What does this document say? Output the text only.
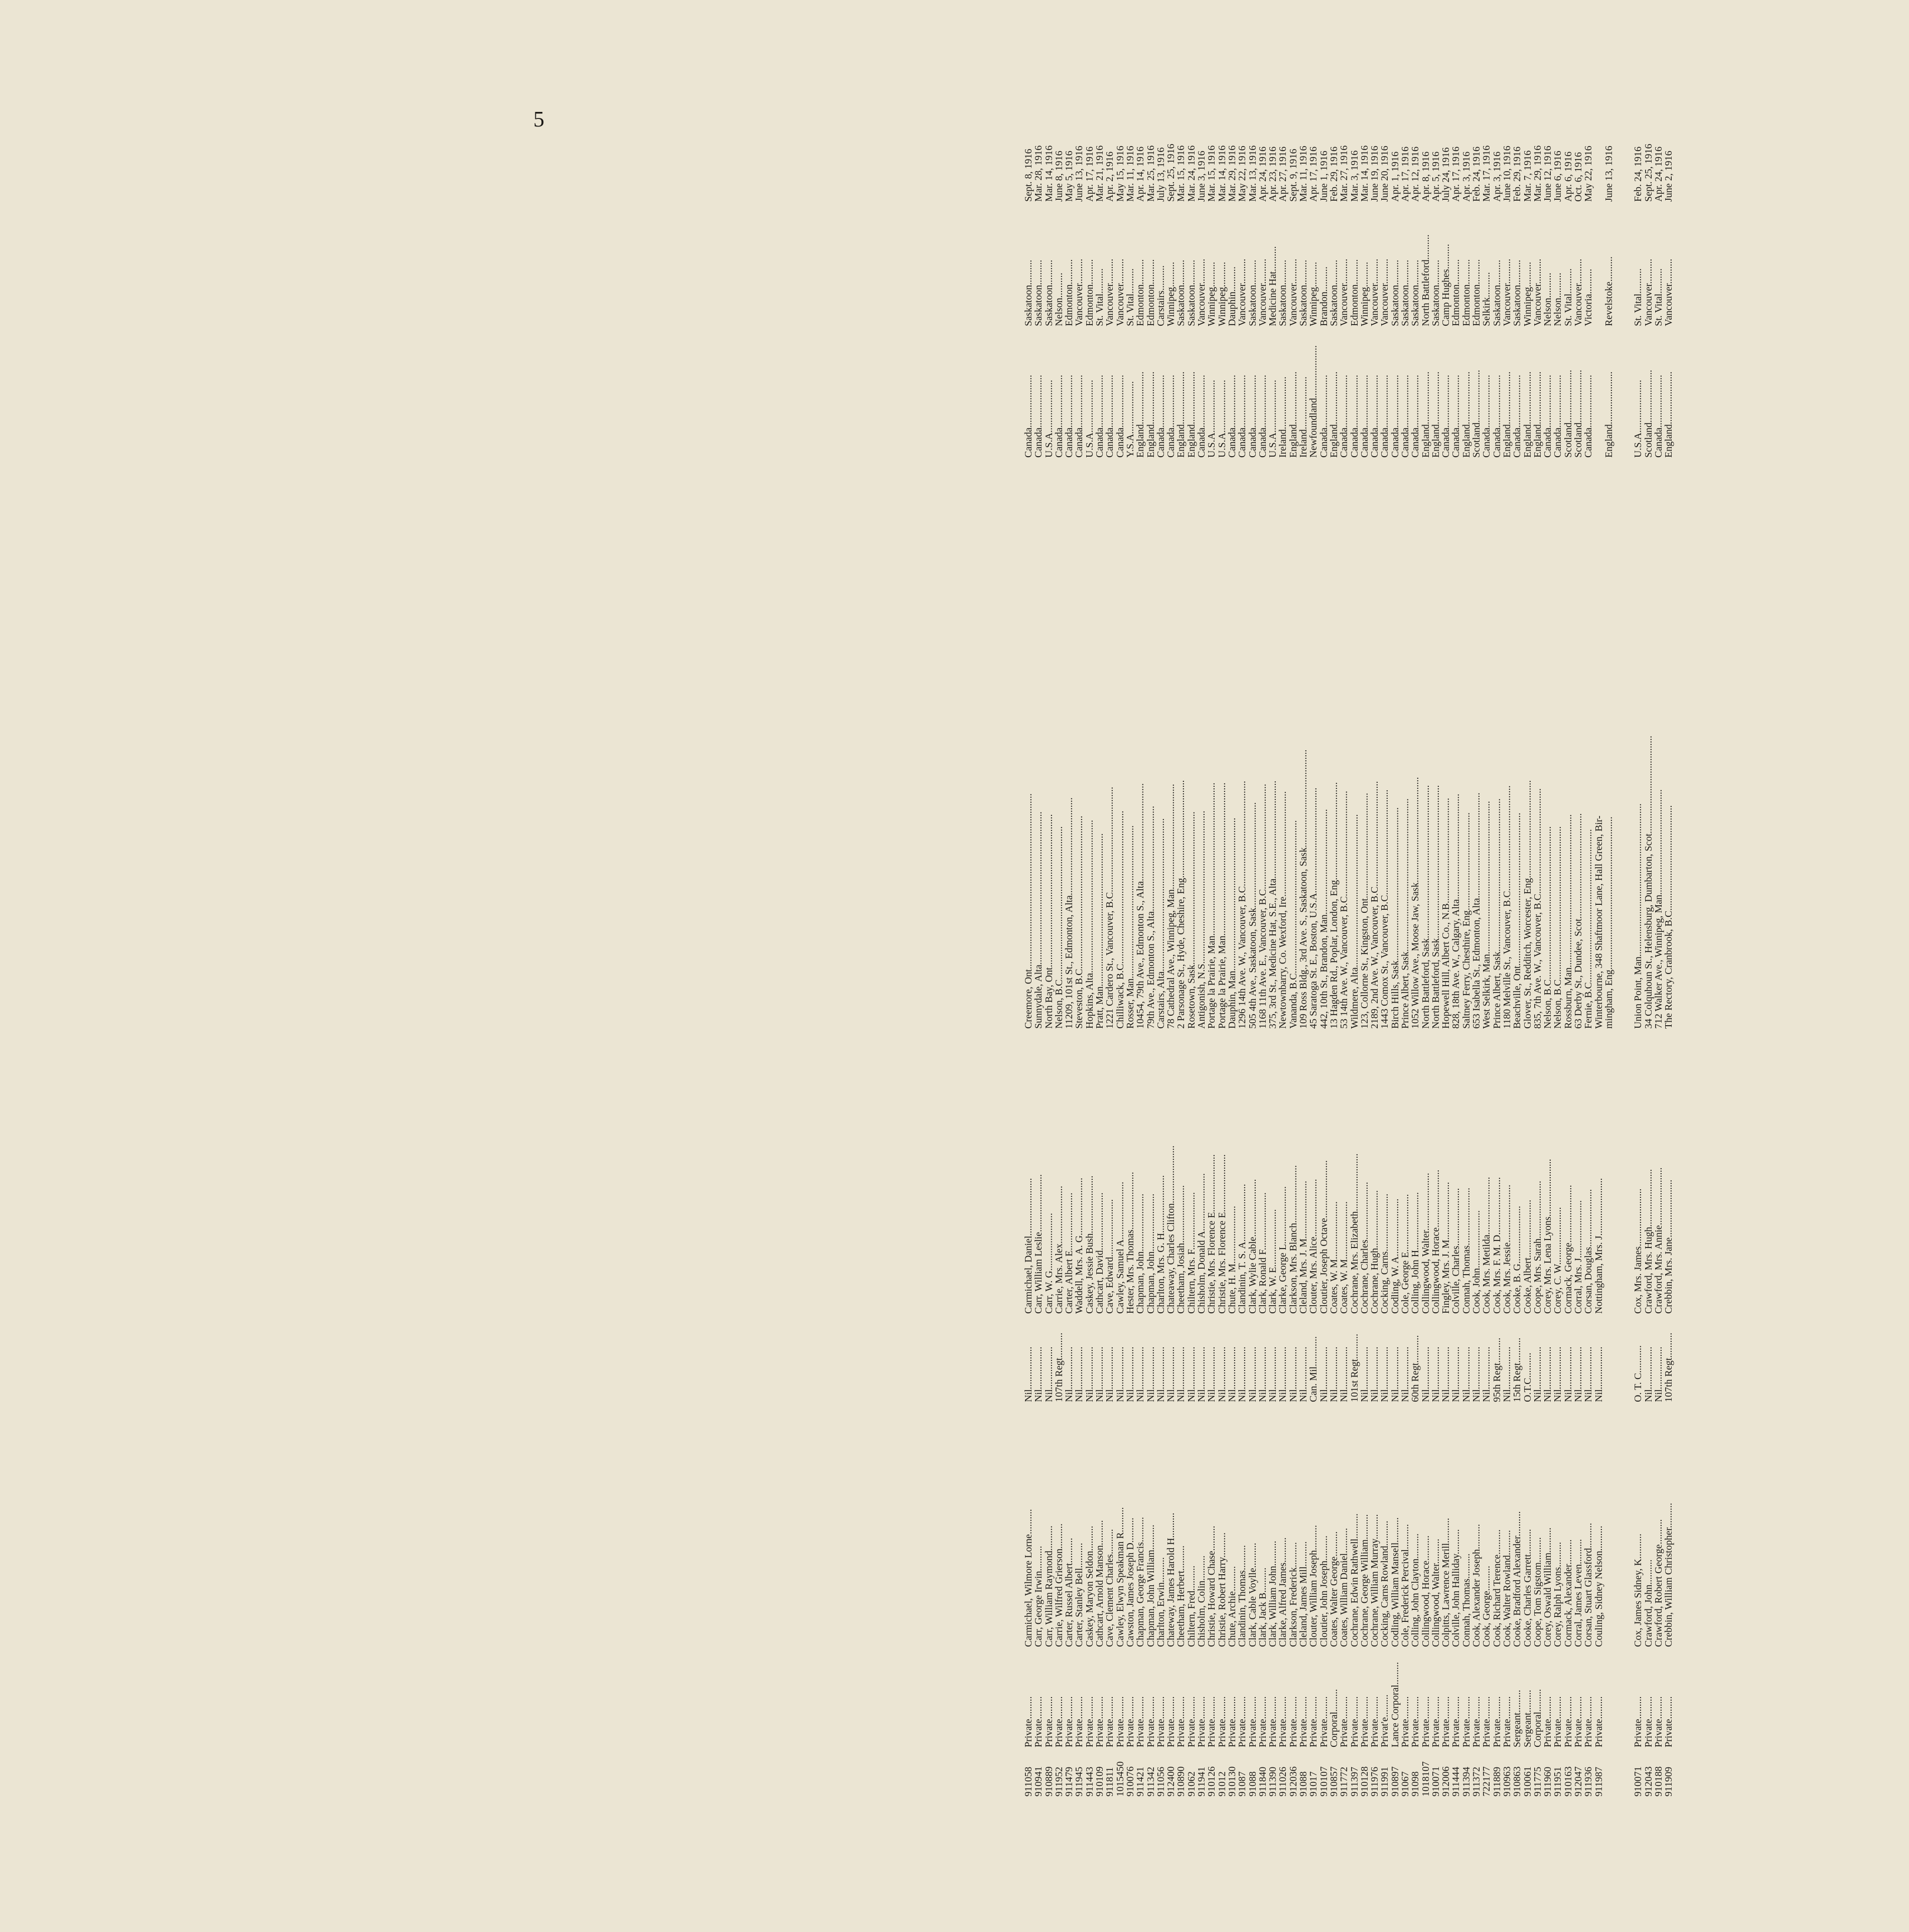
5
911058
Private.........
Carmichael, Wilmore Lorne..........
Nil.................
Carmichael, Daniel.......................
Creemore, Ont......................................................................
Canada.....................
Saskatoon..........
Sept. 8, 1916
910941
Private.........
Carr, George Irwin..........
Nil.................
Carr, William Leslie.......................
Sunnydale, Alta.............................................................
Canada.....................
Saskatoon..........
Mar. 28, 1916
910889
Private.........
Carr, William Raymond..........
Nil.................
Carr, W. G.......................
North Bay, Ont.............................................................
U.S.A.....................
Saskatoon..........
Mar. 14, 1916
911952
Private.........
Carrie, Wilfred Grierson..........
107th Regt..........
Carrie, Mrs. Alex.......................
Nelson, B.C.............................................................
Canada.....................
Nelson..........
June 8, 1916
911479
Private.........
Carter, Russel Albert..........
Nil.................
Carter, Albert E.......................
11209, 101st St., Edmonton, Alta.......................................
Canada.....................
Edmonton..........
May 5, 1916
911945
Private.........
Carter, Stanley Bell..........
Nil.................
Waddell, Mrs. A. G.......................
Steveston, B.C.............................................................
Canada.....................
Vancouver..........
June 13, 1916
911443
Private.........
Caskey, Maryon Seldon..........
Nil.................
Caskey, Jessie Bush.......................
Hopkins, Alta.............................................................
U.S.A.....................
Edmonton..........
Apr. 17, 1916
910109
Private.........
Cathcart, Arnold Manson..........
Nil.................
Cathcart, David.......................
Pratt, Man.............................................................
Canada.....................
St. Vital..........
Mar. 21, 1916
911811
Private.........
Cave, Clement Charles..........
Nil.................
Cave, Edward.......................
1221 Cardero St., Vancouver, B.C..........................................
Canada.....................
Vancouver..........
Apr. 2, 1916
1015450
Private.........
Cawley, Elwyn Speakman R..........
Nil.................
Cawley, Samuel A.......................
Chilliwack, B.C.............................................................
Canada.....................
Vancouver..........
May 15, 1916
910076
Private.........
Cawston, James Joseph D..........
Nil.................
Hester, Mrs. Thomas.......................
Rosser, Man.............................................................
Y.S.A.....................
St. Vital..........
Mar. 11, 1916
911421
Private.........
Chapman, George Francis..........
Nil.................
Chapman, John.......................
10454, 79th Ave., Edmonton S., Alta.......................................
England.....................
Edmonton..........
Apr. 14, 1916
911342
Private.........
Chapman, John William..........
Nil.................
Chapman, John.......................
79th Ave., Edmonton S., Alta..........................................
England.....................
Edmonton..........
Mar. 25, 1916
911056
Private.........
Charlton, Erwin..........
Nil.................
Charlton, Mrs. G. H.......................
Carstairs, Alta.............................................................
Canada.....................
Carstairs..........
July 13, 1916
912400
Private.........
Chateway, James Harold H..........
Nil.................
Chateaway, Charles Clifton.......................
78 Cathedral Ave., Winnipeg, Man..........................................
Canada.....................
Winnipeg..........
Sept. 25, 1916
910890
Private.........
Cheetham, Herbert..........
Nil.................
Cheetham, Josiah.......................
2 Parsonage St., Hyde, Cheshire, Eng.......................................
England.....................
Saskatoon..........
Mar. 15, 1916
91062
Private.........
Chiltern, Fred..........
Nil.................
Chiltern, Mrs. F.......................
Rosetown, Sask.............................................................
England.....................
Saskatoon..........
Mar. 24, 1916
911941
Private.........
Chisholm, Colin..........
Nil.................
Chisholm, Donald A.......................
Antigonish, N.S.............................................................
Canada.....................
Vancouver..........
June 3, 1916
910126
Private.........
Christie, Howard Chase..........
Nil.................
Christie, Mrs. Florence E.......................
Portage la Prairie, Man.............................................................
U.S.A.....................
Winnipeg..........
Mar. 15, 1916
91012
Private.........
Christie, Robert Harry..........
Nil.................
Christie, Mrs. Florence E.......................
Portage la Prairie, Man.............................................................
U.S.A.....................
Winnipeg..........
Mar. 14, 1916
910130
Private.........
Chute, Archie..........
Nil.................
Chute, H. M.......................
Dauphin, Man.............................................................
Canada.....................
Dauphin..........
Mar. 29, 1916
91087
Private.........
Clandinin, Thomas..........
Nil.................
Clandinin, T. S. A.......................
1296 14th Ave. W., Vancouver, B.C..........................................
Canada.....................
Vancouver..........
May 22, 1916
91088
Private.........
Clark, Cable Voylle..........
Nil.................
Clark, Wylie Cable.......................
505 4th Ave., Saskatoon, Sask..........................................
Canada.....................
Saskatoon..........
Mar. 13, 1916
911840
Private.........
Clark, Jack B..........
Nil.................
Clark, Ronald F.......................
1168 11th Ave. E., Vancouver, B.C..........................................
Canada.....................
Vancouver..........
Apr. 24, 1916
911390
Private.........
Clark, William John..........
Nil.................
Clark, W. E.......................
375, 3rd St., Medicine Hat, S.E., Alta.......................................
U.S.A.....................
Medicine Hat..........
Apr. 23, 1916
911026
Private.........
Clarke, Alfred James..........
Nil.................
Clarke, George L.......................
Newtownbarry, Co. Wexford, Ire..........................................
Ireland.....................
Saskatoon..........
Apr. 27, 1916
912036
Private.........
Clarkson, Frederick..........
Nil.................
Clarkson, Mrs. Blanch.......................
Vananda, B.C.............................................................
England.....................
Vancouver..........
Sept. 9, 1916
91088
Private.........
Cleland, James Mill..........
Nil.................
Cleland, Mrs. J. M.......................
109 Ross Bldg., 3rd Ave. S., Saskatoon, Sask.......................................
Ireland.....................
Saskatoon..........
Mar. 11, 1916
91017
Private.........
Clouter, William Joseph..........
Can. Mil............
Clouter, Mrs. Alice.......................
45 Saratoga St. E., Boston, U.S.A..........................................
Newfoundland.....................
Winnipeg..........
Apr. 17, 1916
910107
Private.........
Cloutier, John Joseph..........
Nil.................
Cloutier, Joseph Octave.......................
442, 10th St., Brandon, Man..........................................
Canada.....................
Brandon..........
June 1, 1916
910857
Corporal.........
Coates, Walter George..........
Nil.................
Coates, W. M.......................
13 Hagden Rd., Poplar, London, Eng.......................................
England.....................
Saskatoon..........
Feb. 29, 1916
911772
Private.........
Coates, William Daniel..........
Nil.................
Coates, W. M.......................
53 14th Ave. W., Vancouver, B.C..........................................
Canada.....................
Vancouver..........
Mar. 27, 1916
911397
Private.........
Cochrane, Edwin Rathwell..........
101st Regt..........
Cochrane, Mrs. Elizabeth.......................
Wildmere, Alta.............................................................
Canada.....................
Edmonton..........
Mar. 3, 1916
910128
Private.........
Cochrane, George William..........
Nil.................
Cochrane, Charles.......................
123, Collorne St., Kingston, Ont..........................................
Canada.....................
Winnipeg..........
Mar. 14, 1916
911976
Private.........
Cochrane, William Murray..........
Nil.................
Cochrane, Hugh.......................
2189, 2nd Ave. W., Vancouver, B.C..........................................
Canada.....................
Vancouver..........
June 19, 1916
911991
Privat'e.........
Cocking, Carns Rowland..........
Nil.................
Cocking, Carns.......................
1443 Comox St., Vancouver, B.C..........................................
Canada.....................
Vancouver..........
June 20, 1916
910897
Lance Corporal.........
Codling, William Mansell..........
Nil.................
Codling, W. A.......................
Birch Hills, Sask.............................................................
Canada.....................
Saskatoon..........
Apr. 1, 1916
91067
Private.........
Cole, Frederick Percival..........
Nil.................
Cole, George E.......................
Prince Albert, Sask.............................................................
Canada.....................
Saskatoon..........
Apr. 17, 1916
91098
Private.........
Colling, John Clayton..........
60th Regt...........
Colling, John H.......................
1052 Willow Ave., Moose Jaw, Sask..........................................
Canada.....................
Saskatoon..........
Apr. 12, 1916
1018107
Private.........
Collingwood, Horace..........
Nil.................
Collingwood, Walter.......................
North Battleford, Sask.............................................................
England.....................
North Battleford..........
Apr. 8, 1916
910071
Private.........
Collingwood, Walter..........
Nil.................
Collingwood, Horace.......................
North Battleford, Sask.............................................................
England.....................
Saskatoon..........
Apr. 5, 1916
912006
Private.........
Colpitts, Lawrence Merill..........
Nil.................
Fingley, Mrs. J. M.......................
Hopewell Hill, Albert Co., N.B..........................................
Canada.....................
Camp Hughes..........
July 24, 1916
911444
Private.........
Colville, John Halliday..........
Nil.................
Colville, Charles.......................
828, 18th Ave. W., Calgary, Alta..........................................
Canada.....................
Edmonton..........
Apr. 17, 1916
911394
Private.........
Connah, Thomas..........
Nil.................
Connah, Thomas.......................
Saltney Ferry, Chesthire, Eng.......................................
England.....................
Edmonton..........
Apr. 3, 1916
911372
Private.........
Cook, Alexander Joseph..........
Nil.................
Cook, John.......................
653 Isabella St., Edmonton, Alta..........................................
Scotland.....................
Edmonton..........
Feb. 24, 1916
722177
Private.........
Cook, George..........
Nil.................
Cook, Mrs. Metilda.......................
West Selkirk, Man.............................................................
Canada.....................
Selkirk..........
Mar. 17, 1916
911889
Private.........
Cook, Richard Terence..........
95th Regt..........
Cook, Mrs. F. M. D.......................
Prince Albert, Sask.............................................................
Canada.....................
Saskatoon..........
Apr. 3, 1916
910963
Private.........
Cook, Walter Rowland..........
Nil.................
Cook, Mrs. Jessie.......................
1180 Melville St., Vancouver, B.C..........................................
England.....................
Vancouver..........
June 10, 1916
910863
Sergeant.........
Cooke, Bradford Alexander..........
15th Regt..........
Cooke, B. G.......................
Beachville, Ont.............................................................
Canada.....................
Saskatoon..........
Feb. 29, 1916
910061
Sergeant.........
Cooke, Charles Garrett..........
O.T.C..........
Cooke, Albert.......................
Glover, St., Redditch, Worcester, Eng.......................................
England.....................
Winnipeg..........
Mar. 7, 1916
911775
Corporal.........
Coope, Tom Sigstom..........
Nil.................
Coope, Mrs. Sarah.......................
835, 7th Ave. W., Vancouver, B.C..........................................
England.....................
Vancouver..........
Mar. 29, 1916
911960
Private.........
Corey, Oswald William..........
Nil.................
Corey, Mrs. Lena Lyons.......................
Nelson, B.C.............................................................
Canada.....................
Nelson..........
June 12, 1916
911951
Private.........
Corey, Ralph Lyons..........
Nil.................
Corey, C. W.......................
Nelson, B.C.............................................................
Canada.....................
Nelson..........
June 6, 1916
910163
Private.........
Cormack, Alexander..........
Nil.................
Cormack, George.......................
Rossburn, Man.............................................................
Scotland.....................
St. Vital..........
Apr. 6, 1916
912047
Private.........
Corral, James Leven..........
Nil.................
Corral, Mrs. J.......................
63 Derby St., Dundee, Scot..........................................
Scotland.....................
Vancouver..........
Oct. 6, 1916
911936
Private.........
Corsan, Stuart Glassford..........
Nil.................
Corsan, Douglas.......................
Fernie, B.C.............................................................
Canada.....................
Victoria..........
May 22, 1916
911987
Private.........
Couling, Sidney Nelson..........
Nil.................
Nottingham, Mrs. J.......................
Winterbourne, 348 Shaftmoor Lane, Hall Green, Bir-
mingham, Eng.............................................................
England.....................
Revelstoke..........
June 13, 1916
910071
Private.........
Cox, James Sidney, K..........
O. T. C...........
Cox, Mrs. James.......................
Union Point, Man.............................................................
U.S.A.....................
St. Vital..........
Feb. 24, 1916
912043
Private.........
Crawford, John..........
Nil.................
Crawford, Mrs. Hugh.......................
34 Colquhoun St., Helensburg, Dumbarton, Scot.......................................
Scotland.....................
Vancouver..........
Sept. 25, 1916
910188
Private.........
Crawford, Robert George..........
Nil.................
Crawford, Mrs. Annie.......................
712 Walker Ave., Winnipeg, Man..........................................
Canada.....................
St. Vital..........
Apr. 24, 1916
911909
Private.........
Crebbin, William Christopher..........
107th Regt..........
Crebbin, Mrs. Jane.......................
The Rectory, Cranbrook, B.C..........................................
England.....................
Vancouver..........
June 2, 1916
